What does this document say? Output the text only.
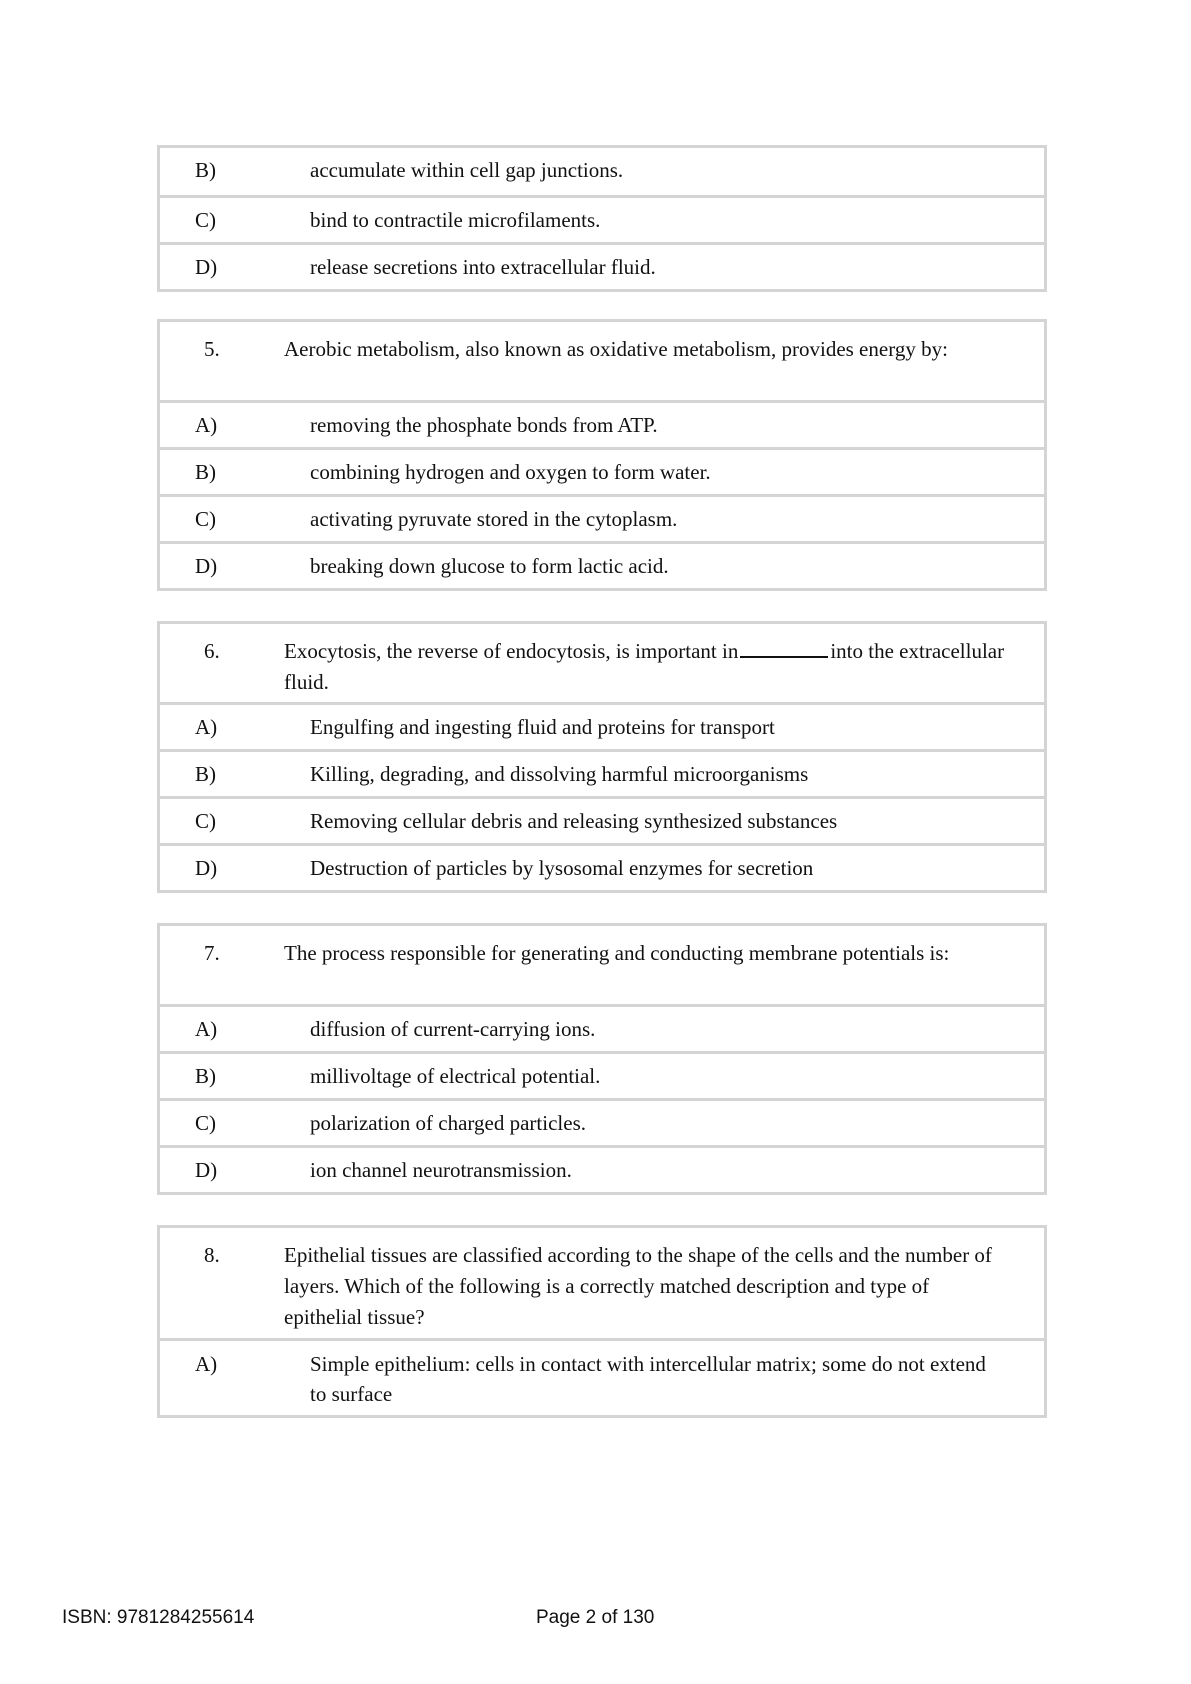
B)	accumulate within cell gap junctions.
C)	bind to contractile microfilaments.
D)	release secretions into extracellular fluid.
5.	Aerobic metabolism, also known as oxidative metabolism, provides energy by:
A)	removing the phosphate bonds from ATP.
B)	combining hydrogen and oxygen to form water.
C)	activating pyruvate stored in the cytoplasm.
D)	breaking down glucose to form lactic acid.
6.	Exocytosis, the reverse of endocytosis, is important in	into the extracellular fluid.
A)	Engulfing and ingesting fluid and proteins for transport
B)	Killing, degrading, and dissolving harmful microorganisms
C)	Removing cellular debris and releasing synthesized substances
D)	Destruction of particles by lysosomal enzymes for secretion
7.	The process responsible for generating and conducting membrane potentials is:
A)	diffusion of current-carrying ions.
B)	millivoltage of electrical potential.
C)	polarization of charged particles.
D)	ion channel neurotransmission.
8.	Epithelial tissues are classified according to the shape of the cells and the number of layers. Which of the following is a correctly matched description and type of epithelial tissue?
A)	Simple epithelium: cells in contact with intercellular matrix; some do not extend to surface
ISBN: 9781284255614	Page 2 of 130
